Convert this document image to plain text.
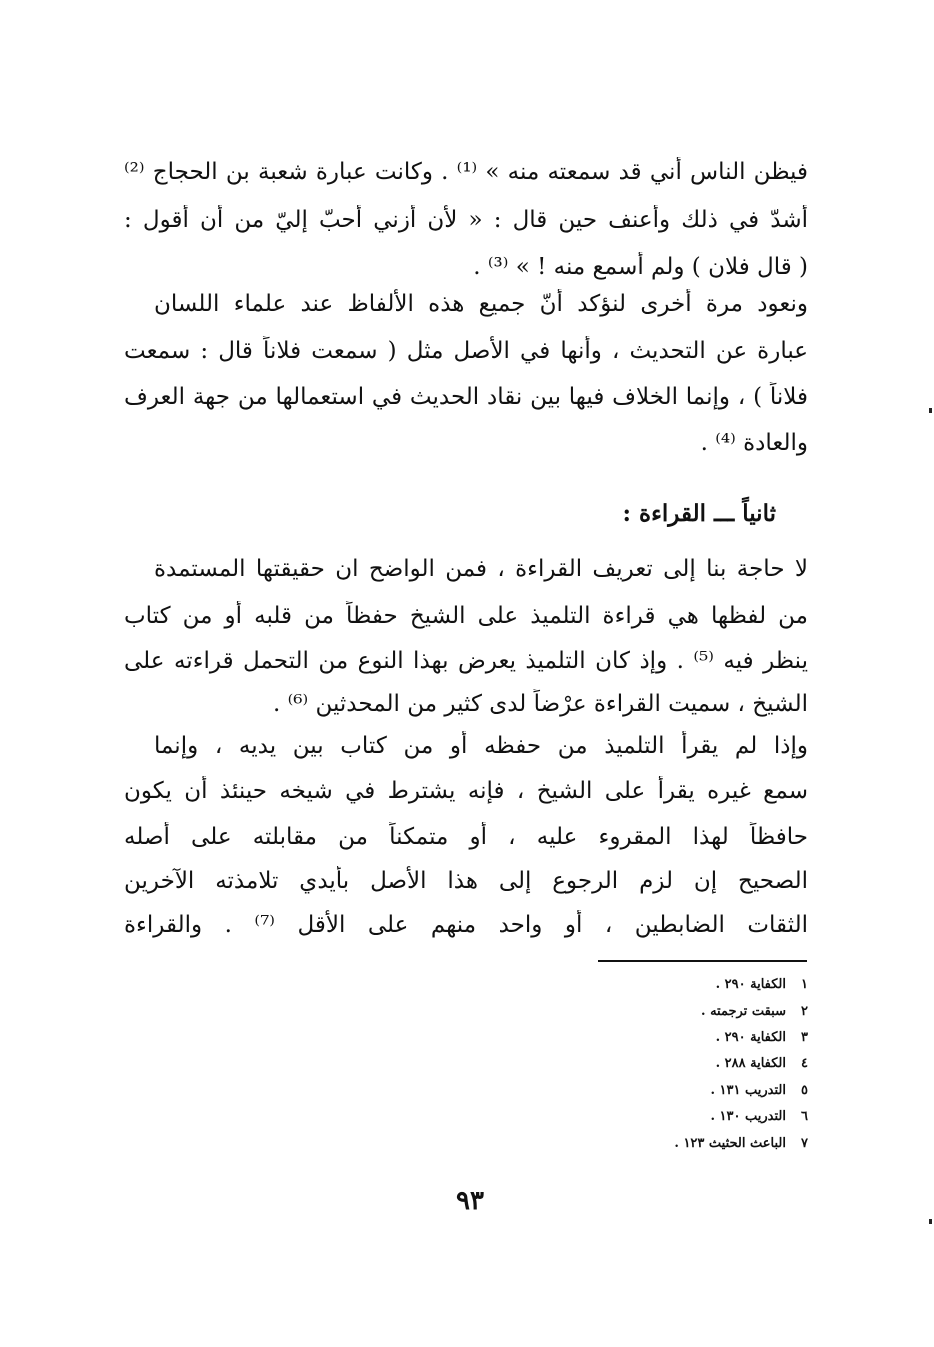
فيظن الناس أني قد سمعته منه » ⁽¹⁾ . وكانت عبارة شعبة بن الحجاج ⁽²⁾
أشدّ في ذلك وأعنف حين قال : « لأن أزني أحبّ إليّ من أن أقول :
( قال فلان ) ولم أسمع منه ! » ⁽³⁾ .
ونعود مرة أخرى لنؤكد أنّ جميع هذه الألفاظ عند علماء اللسان
عبارة عن التحديث ، وأنها في الأصل مثل ( سمعت فلاناً قال : سمعت
فلاناً ) ، وإنما الخلاف فيها بين نقاد الحديث في استعمالها من جهة العرف
والعادة ⁽⁴⁾ .
ثانياً ـــ القراءة :
لا حاجة بنا إلى تعريف القراءة ، فمن الواضح ان حقيقتها المستمدة
من لفظها هي قراءة التلميذ على الشيخ حفظاً من قلبه أو من كتاب
ينظر فيه ⁽⁵⁾ . وإذ كان التلميذ يعرض بهذا النوع من التحمل قراءته على
الشيخ ، سميت القراءة عرْضاً لدى كثير من المحدثين ⁽⁶⁾ .
وإذا لم يقرأ التلميذ من حفظه أو من كتاب بين يديه ، وإنما
سمع غيره يقرأ على الشيخ ، فإنه يشترط في شيخه حينئذ أن يكون
حافظاً لهذا المقروء عليه ، أو متمكناً من مقابلته على أصله
الصحيح إن لزم الرجوع إلى هذا الأصل بأيدي تلامذته الآخرين
الثقات الضابطين ، أو واحد منهم على الأقل ⁽⁷⁾ . والقراءة
١الكفاية ٢٩٠ .
٢سبقت ترجمته .
٣الكفاية ٢٩٠ .
٤الكفاية ٢٨٨ .
٥التدريب ١٣١ .
٦التدريب ١٣٠ .
٧الباعث الحثيث ١٢٣ .
٩٣
